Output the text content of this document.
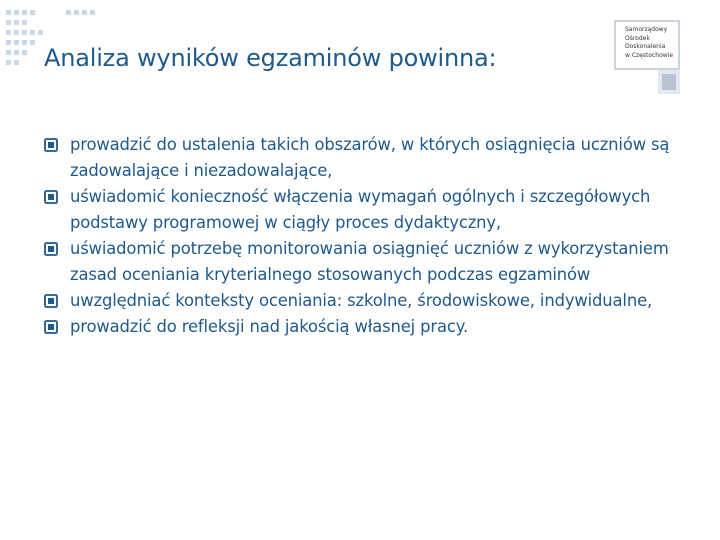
Analiza wyników egzaminów powinna:
Samorządowy
Ośrodek
Doskonalenia
w Częstochowie
prowadzić do ustalenia takich obszarów, w których osiągnięcia uczniów są zadowalające i niezadowalające,
uświadomić konieczność włączenia wymagań ogólnych i szczegółowych podstawy programowej w ciągły proces dydaktyczny,
uświadomić potrzebę monitorowania osiągnięć uczniów z wykorzystaniem zasad oceniania kryterialnego stosowanych podczas egzaminów
uwzględniać konteksty oceniania: szkolne, środowiskowe, indywidualne,
prowadzić do refleksji nad jakością własnej pracy.
